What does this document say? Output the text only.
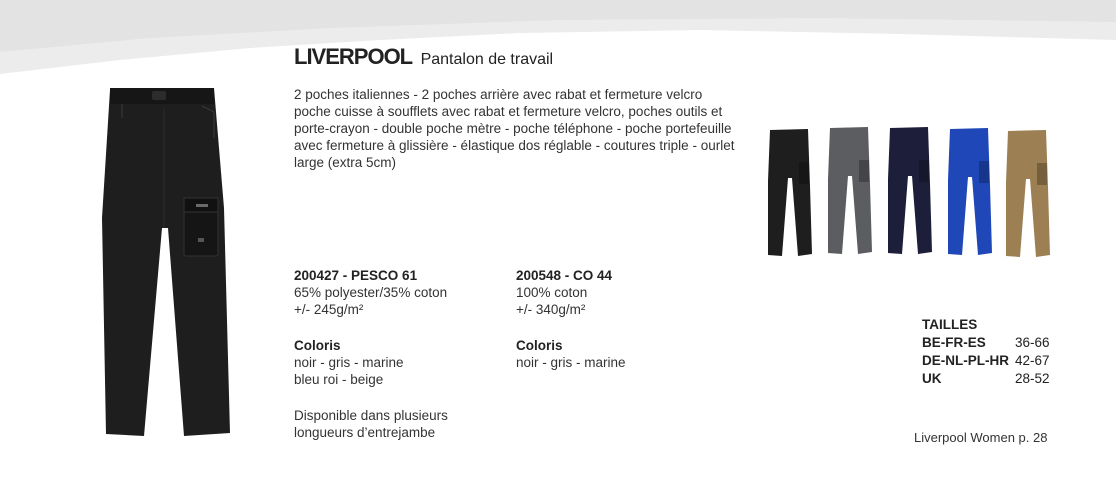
LIVERPOOL Pantalon de travail
2 poches italiennes - 2 poches arrière avec rabat et fermeture velcro
poche cuisse à soufflets avec rabat et fermeture velcro, poches outils et
porte-crayon - double poche mètre - poche téléphone - poche portefeuille
avec fermeture à glissière - élastique dos réglable - coutures triple - ourlet
large (extra 5cm)
200427 - PESCO 61
65% polyester/35% coton
+/- 245g/m²
Coloris
noir - gris - marine
bleu roi - beige
200548 - CO 44
100% coton
+/- 340g/m²
Coloris
noir - gris - marine
Disponible dans plusieurs
longueurs d’entrejambe
TAILLES
BE-FR-ES	36-66
DE-NL-PL-HR	42-67
UK	28-52
Liverpool Women p. 28
